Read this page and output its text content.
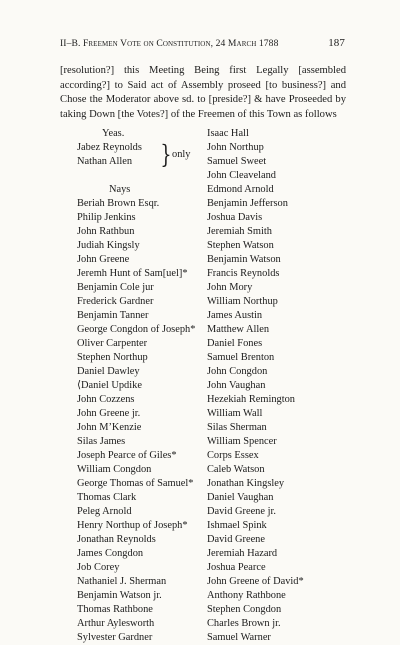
II–B. Freemen Vote on Constitution, 24 March 1788	187

[resolution?] this Meeting Being first Legally [assembled according?] to Said act of Assembly proseed [to business?] and Chose the Moderator above sd. to [preside?] & have Proseeded by taking Down [the Votes?] of the Freemen of this Town as follows

Yeas.
Jabez Reynolds
Nathan Allen	} only
Nays
Beriah Brown Esqr.
Philip Jenkins
John Rathbun
Judiah Kingsly
John Greene
Jeremh Hunt of Sam[uel]*
Benjamin Cole jur
Frederick Gardner
Benjamin Tanner
George Congdon of Joseph*
Oliver Carpenter
Stephen Northup
Daniel Dawley
⟨Daniel Updike
John Cozzens
John Greene jr.
John M’Kenzie
Silas James
Joseph Pearce of Giles*
William Congdon
George Thomas of Samuel*
Thomas Clark
Peleg Arnold
Henry Northup of Joseph*
Jonathan Reynolds
James Congdon
Job Corey
Nathaniel J. Sherman
Benjamin Watson jr.
Thomas Rathbone
Arthur Aylesworth
Sylvester Gardner
Isaac Hall
John Northup
Samuel Sweet
John Cleaveland
Edmond Arnold
Benjamin Jefferson
Joshua Davis
Jeremiah Smith
Stephen Watson
Benjamin Watson
Francis Reynolds
John Mory
William Northup
James Austin
Matthew Allen
Daniel Fones
Samuel Brenton
John Congdon
John Vaughan
Hezekiah Remington
William Wall
Silas Sherman
William Spencer
Corps Essex
Caleb Watson
Jonathan Kingsley
Daniel Vaughan
David Greene jr.
Ishmael Spink
David Greene
Jeremiah Hazard
Joshua Pearce
John Greene of David*
Anthony Rathbone
Stephen Congdon
Charles Brown jr.
Samuel Warner
